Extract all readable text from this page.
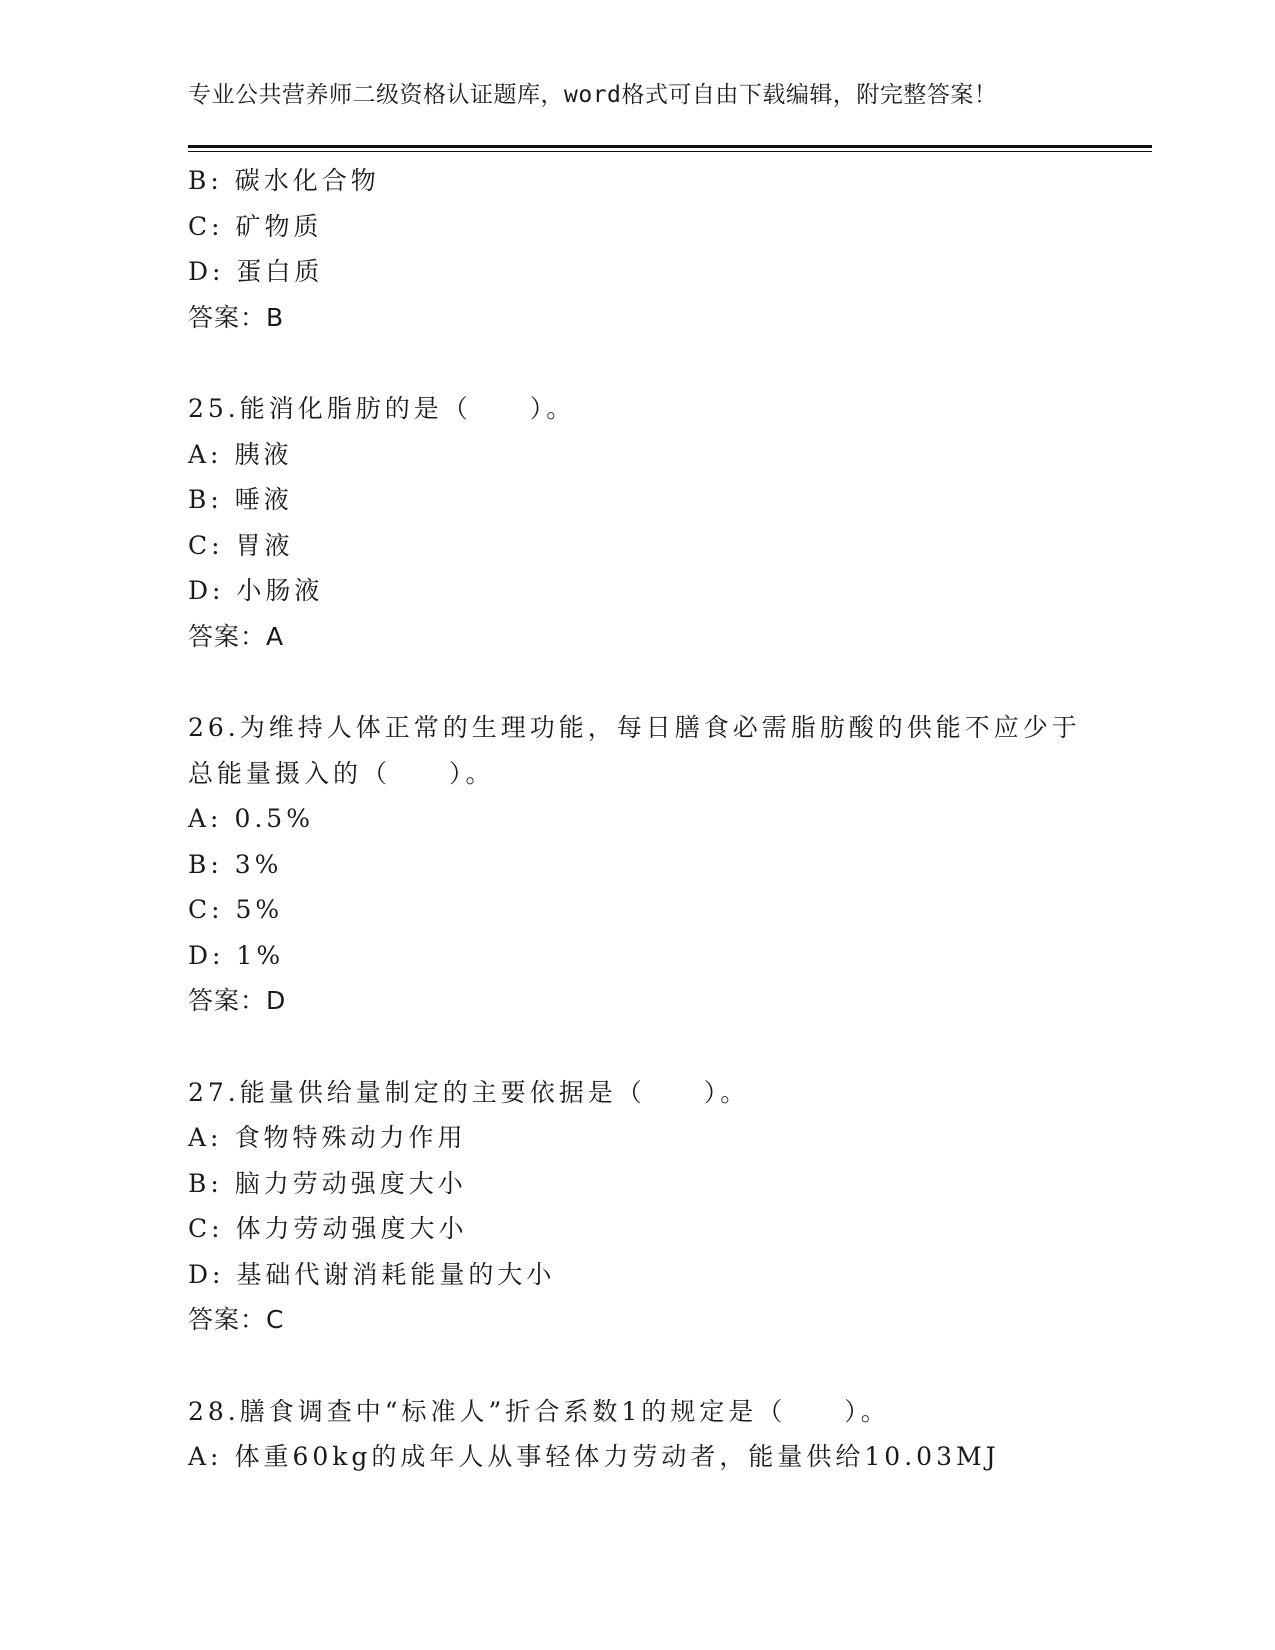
专业公共营养师二级资格认证题库，word格式可自由下载编辑，附完整答案！
B: 碳水化合物
C: 矿物质
D: 蛋白质
答案：B
25.能消化脂肪的是（　　）。
A: 胰液
B: 唾液
C: 胃液
D: 小肠液
答案：A
26.为维持人体正常的生理功能，每日膳食必需脂肪酸的供能不应少于
总能量摄入的（　　）。
A: 0.5%
B: 3%
C: 5%
D: 1%
答案：D
27.能量供给量制定的主要依据是（　　）。
A: 食物特殊动力作用
B: 脑力劳动强度大小
C: 体力劳动强度大小
D: 基础代谢消耗能量的大小
答案：C
28.膳食调查中“标准人”折合系数1的规定是（　　）。
A: 体重60kg的成年人从事轻体力劳动者，能量供给10.03MJ
